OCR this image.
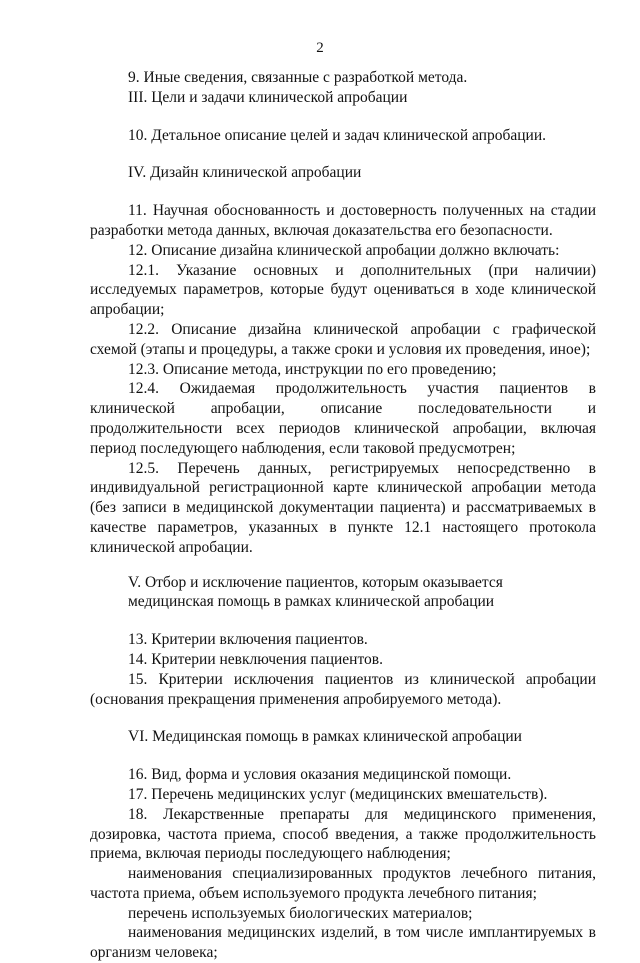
2

9. Иные сведения, связанные с разработкой метода.

III. Цели и задачи клинической апробации

10. Детальное описание целей и задач клинической апробации.

IV. Дизайн клинической апробации

11. Научная обоснованность и достоверность полученных на стадии разработки метода данных, включая доказательства его безопасности.

12. Описание дизайна клинической апробации должно включать:

12.1. Указание основных и дополнительных (при наличии) исследуемых параметров, которые будут оцениваться в ходе клинической апробации;

12.2. Описание дизайна клинической апробации с графической схемой (этапы и процедуры, а также сроки и условия их проведения, иное);

12.3. Описание метода, инструкции по его проведению;

12.4. Ожидаемая продолжительность участия пациентов в клинической апробации, описание последовательности и продолжительности всех периодов клинической апробации, включая период последующего наблюдения, если таковой предусмотрен;

12.5. Перечень данных, регистрируемых непосредственно в индивидуальной регистрационной карте клинической апробации метода (без записи в медицинской документации пациента) и рассматриваемых в качестве параметров, указанных в пункте 12.1 настоящего протокола клинической апробации.

V. Отбор и исключение пациентов, которым оказывается

медицинская помощь в рамках клинической апробации

13. Критерии включения пациентов.

14. Критерии невключения пациентов.

15. Критерии исключения пациентов из клинической апробации (основания прекращения применения апробируемого метода).

VI. Медицинская помощь в рамках клинической апробации

16. Вид, форма и условия оказания медицинской помощи.

17. Перечень медицинских услуг (медицинских вмешательств).

18. Лекарственные препараты для медицинского применения, дозировка, частота приема, способ введения, а также продолжительность приема, включая периоды последующего наблюдения;

наименования специализированных продуктов лечебного питания, частота приема, объем используемого продукта лечебного питания;

перечень используемых биологических материалов;

наименования медицинских изделий, в том числе имплантируемых в организм человека;
